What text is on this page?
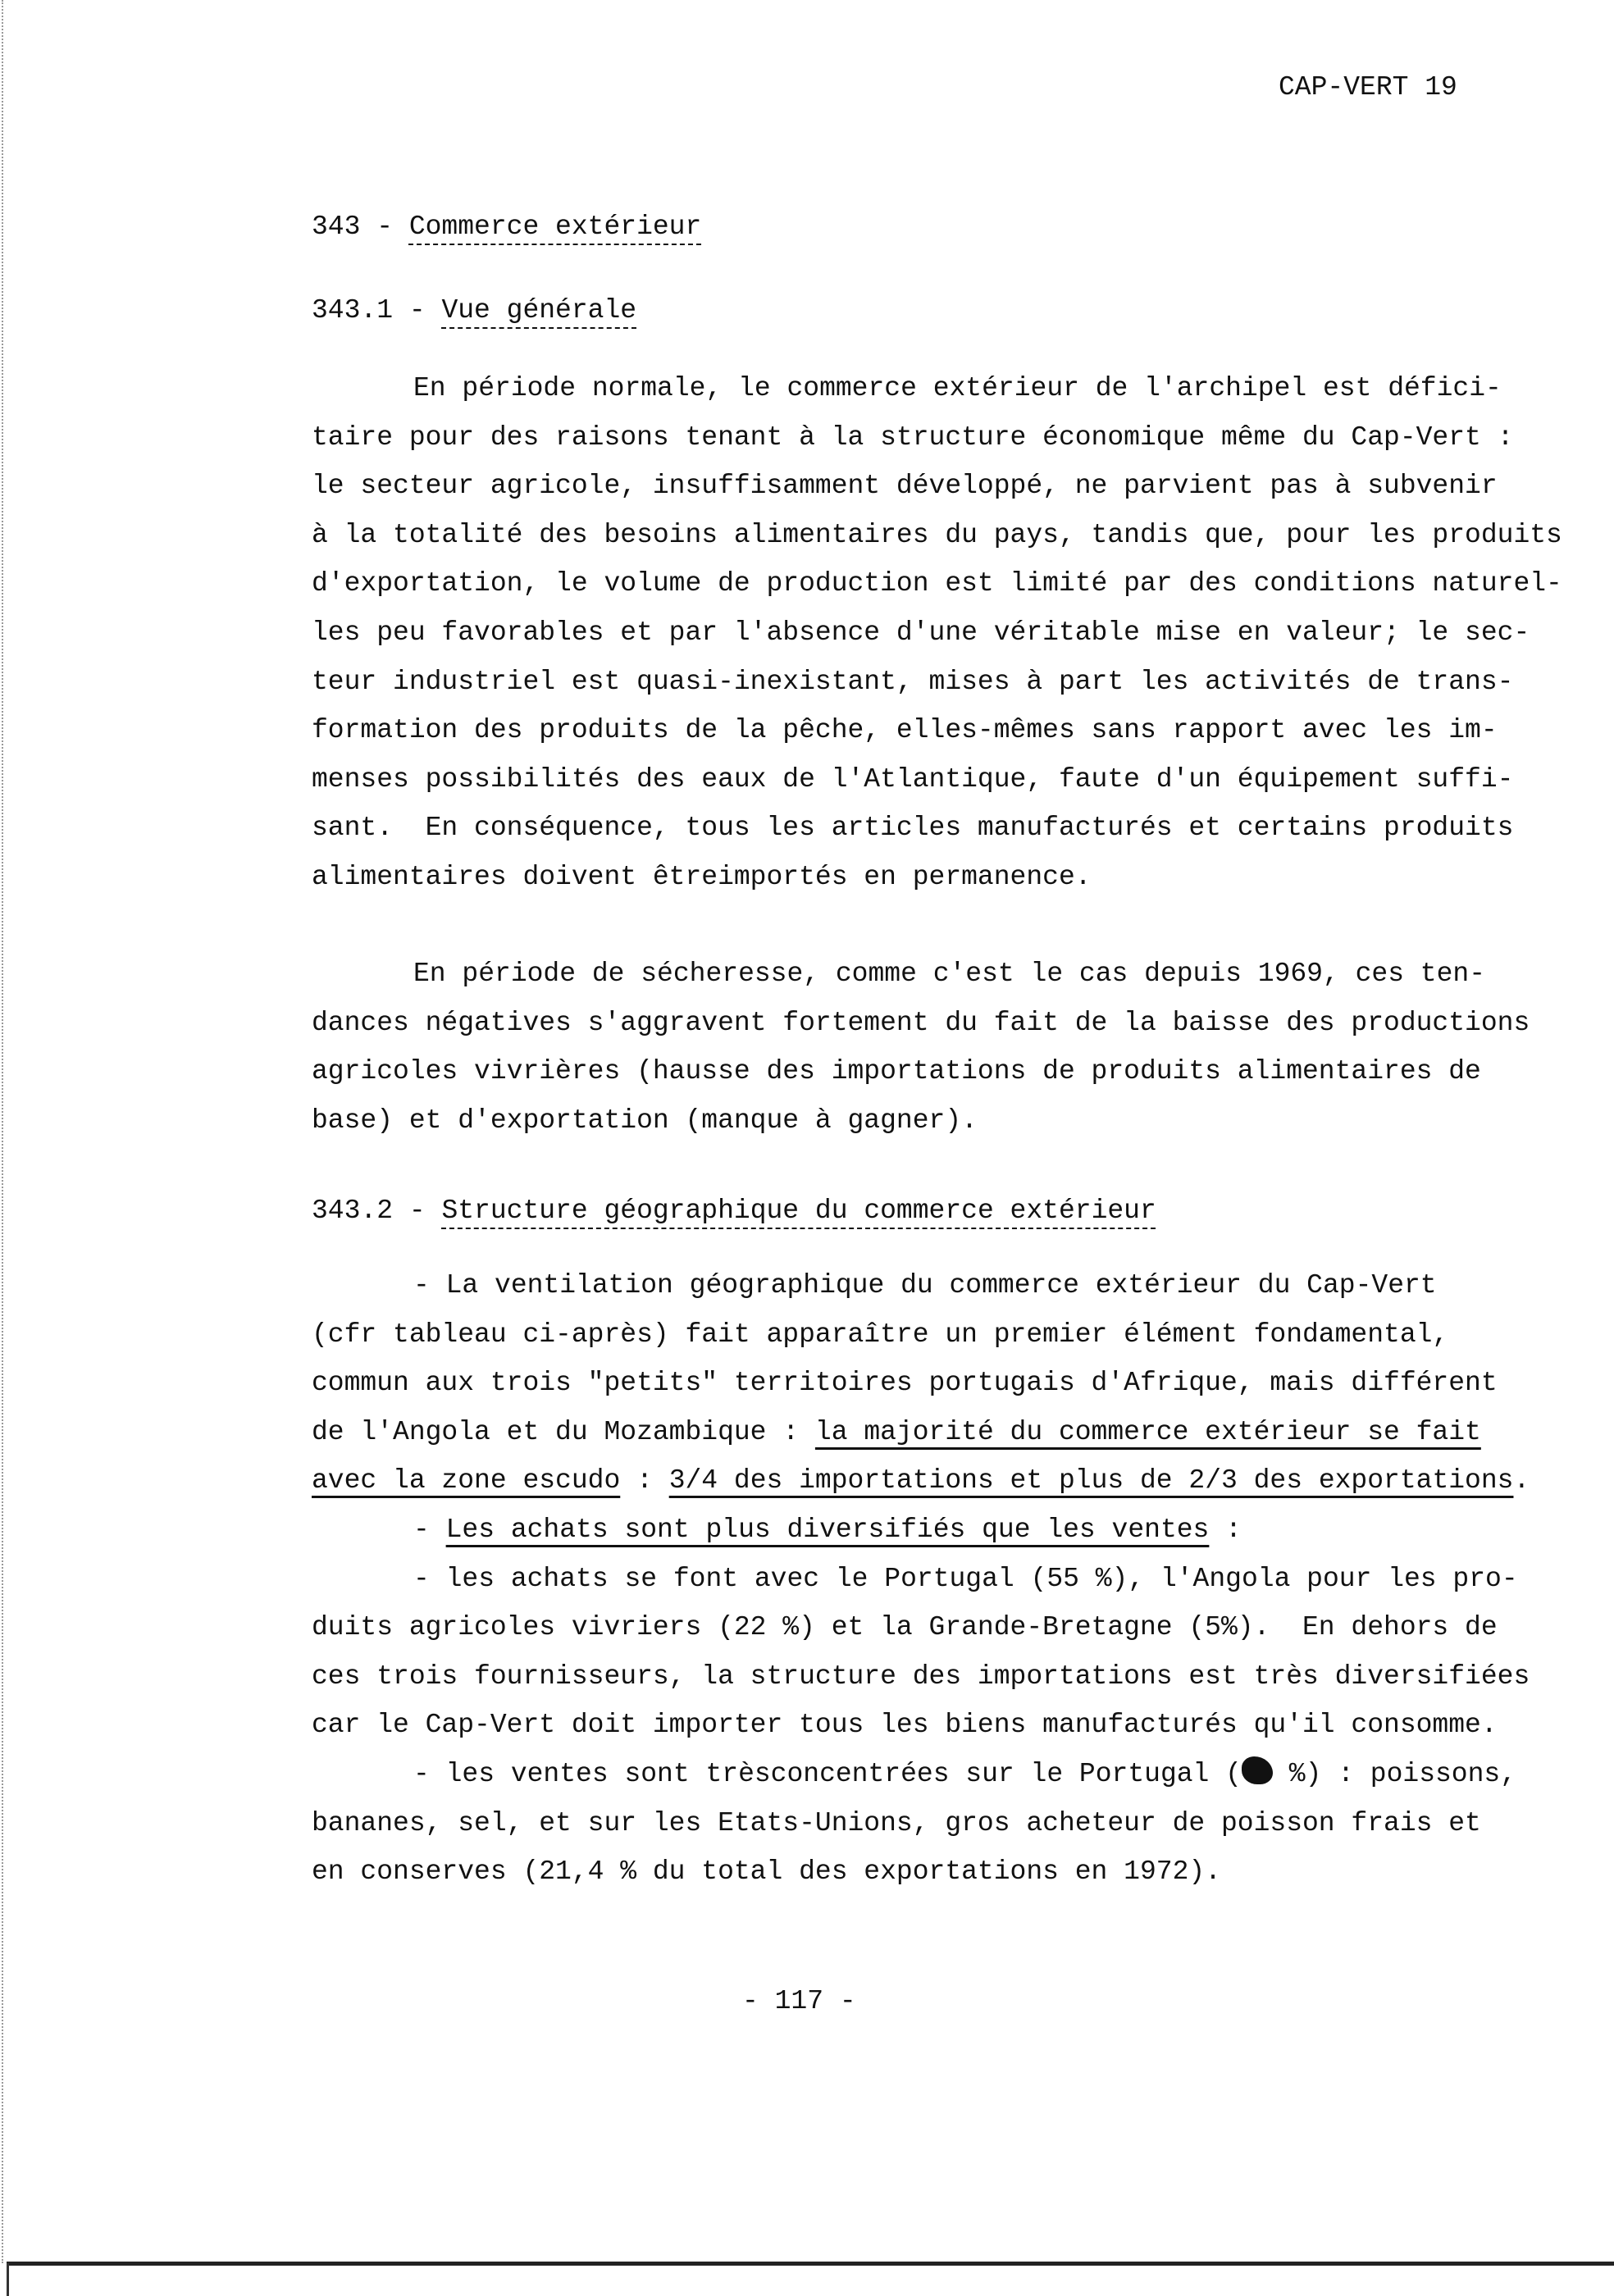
CAP-VERT 19
343 - Commerce extérieur
343.1 - Vue générale
En période normale, le commerce extérieur de l'archipel est défici-
taire pour des raisons tenant à la structure économique même du Cap-Vert :
le secteur agricole, insuffisamment développé, ne parvient pas à subvenir
à la totalité des besoins alimentaires du pays, tandis que, pour les produits
d'exportation, le volume de production est limité par des conditions naturel-
les peu favorables et par l'absence d'une véritable mise en valeur; le sec-
teur industriel est quasi-inexistant, mises à part les activités de trans-
formation des produits de la pêche, elles-mêmes sans rapport avec les im-
menses possibilités des eaux de l'Atlantique, faute d'un équipement suffi-
sant.  En conséquence, tous les articles manufacturés et certains produits
alimentaires doivent êtreimportés en permanence.
En période de sécheresse, comme c'est le cas depuis 1969, ces ten-
dances négatives s'aggravent fortement du fait de la baisse des productions
agricoles vivrières (hausse des importations de produits alimentaires de
base) et d'exportation (manque à gagner).
343.2 - Structure géographique du commerce extérieur
- La ventilation géographique du commerce extérieur du Cap-Vert
(cfr tableau ci-après) fait apparaître un premier élément fondamental,
commun aux trois "petits" territoires portugais d'Afrique, mais différent
de l'Angola et du Mozambique : la majorité du commerce extérieur se fait
avec la zone escudo : 3/4 des importations et plus de 2/3 des exportations.
- Les achats sont plus diversifiés que les ventes :
- les achats se font avec le Portugal (55 %), l'Angola pour les pro-
duits agricoles vivriers (22 %) et la Grande-Bretagne (5%).  En dehors de
ces trois fournisseurs, la structure des importations est très diversifiées
car le Cap-Vert doit importer tous les biens manufacturés qu'il consomme.
- les ventes sont trèsconcentrées sur le Portugal ( %) : poissons,
bananes, sel, et sur les Etats-Unions, gros acheteur de poisson frais et
en conserves (21,4 % du total des exportations en 1972).
- 117 -
